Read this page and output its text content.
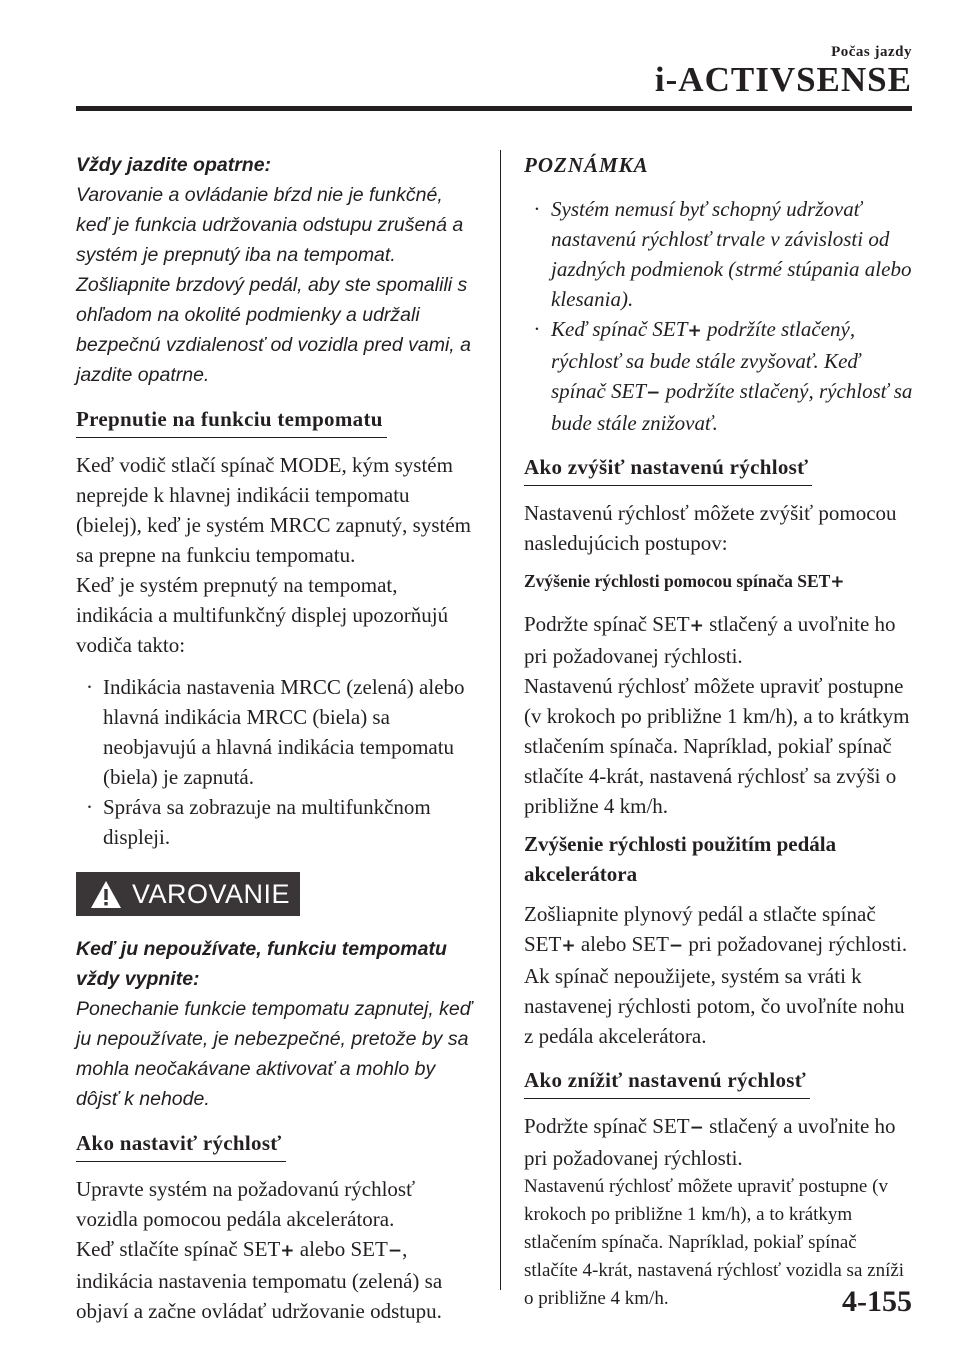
Počas jazdy
i-ACTIVSENSE

Vždy jazdite opatrne:

Varovanie a ovládanie bŕzd nie je funkčné, keď je funkcia udržovania odstupu zrušená a systém je prepnutý iba na tempomat. Zošliapnite brzdový pedál, aby ste spomalili s ohľadom na okolité podmienky a udržali bezpečnú vzdialenosť od vozidla pred vami, a jazdite opatrne.

Prepnutie na funkciu tempomatu

Keď vodič stlačí spínač MODE, kým systém neprejde k hlavnej indikácii tempomatu (bielej), keď je systém MRCC zapnutý, systém sa prepne na funkciu tempomatu.

Keď je systém prepnutý na tempomat, indikácia a multifunkčný displej upozorňujú vodiča takto:

· Indikácia nastavenia MRCC (zelená) alebo hlavná indikácia MRCC (biela) sa neobjavujú a hlavná indikácia tempomatu (biela) je zapnutá.
· Správa sa zobrazuje na multifunkčnom displeji.
VAROVANIE

Keď ju nepoužívate, funkciu tempomatu vždy vypnite:

Ponechanie funkcie tempomatu zapnutej, keď ju nepoužívate, je nebezpečné, pretože by sa mohla neočakávane aktivovať a mohlo by dôjsť k nehode.

Ako nastaviť rýchlosť

Upravte systém na požadovanú rýchlosť vozidla pomocou pedála akcelerátora.

Keď stlačíte spínač SET+ alebo SET−, indikácia nastavenia tempomatu (zelená) sa objaví a začne ovládať udržovanie odstupu.

POZNÁMKA

· Systém nemusí byť schopný udržovať nastavenú rýchlosť trvale v závislosti od jazdných podmienok (strmé stúpania alebo klesania).
· Keď spínač SET+ podržíte stlačený, rýchlosť sa bude stále zvyšovať. Keď spínač SET− podržíte stlačený, rýchlosť sa bude stále znižovať.
Ako zvýšiť nastavenú rýchlosť

Nastavenú rýchlosť môžete zvýšiť pomocou nasledujúcich postupov:

Zvýšenie rýchlosti pomocou spínača SET+

Podržte spínač SET+ stlačený a uvoľnite ho pri požadovanej rýchlosti.

Nastavenú rýchlosť môžete upraviť postupne (v krokoch po približne 1 km/h), a to krátkym stlačením spínača. Napríklad, pokiaľ spínač stlačíte 4-krát, nastavená rýchlosť sa zvýši o približne 4 km/h.

Zvýšenie rýchlosti použitím pedála akcelerátora

Zošliapnite plynový pedál a stlačte spínač SET+ alebo SET− pri požadovanej rýchlosti.

Ak spínač nepoužijete, systém sa vráti k nastavenej rýchlosti potom, čo uvoľníte nohu z pedála akcelerátora.

Ako znížiť nastavenú rýchlosť

Podržte spínač SET− stlačený a uvoľnite ho pri požadovanej rýchlosti.

Nastavenú rýchlosť môžete upraviť postupne (v krokoch po približne 1 km/h), a to krátkym stlačením spínača. Napríklad, pokiaľ spínač stlačíte 4-krát, nastavená rýchlosť vozidla sa zníži o približne 4 km/h.	4-155
